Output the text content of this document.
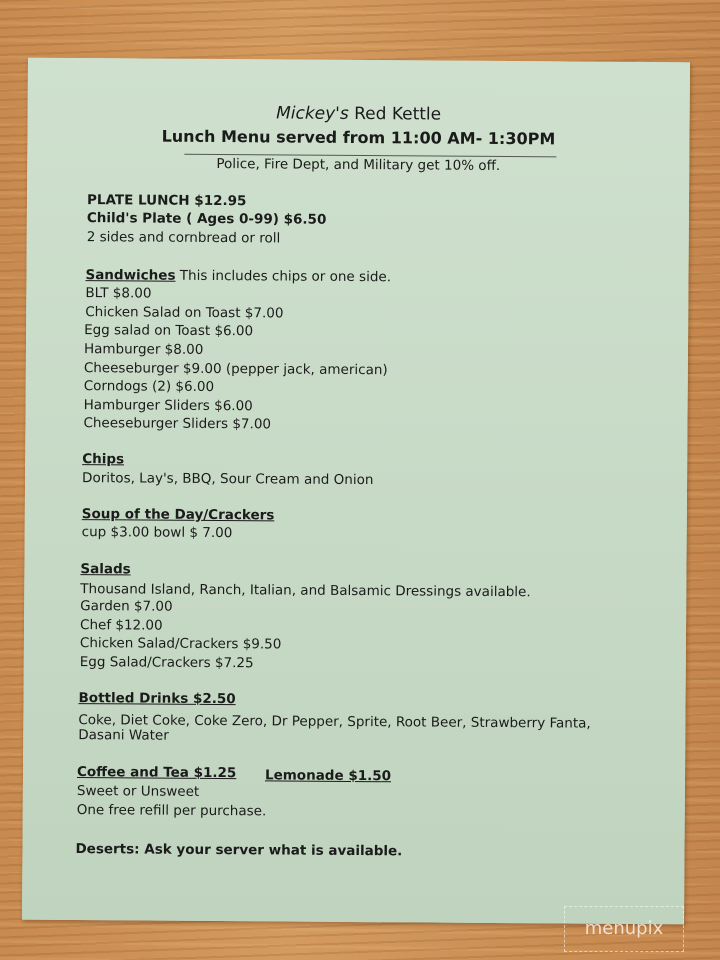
Mickey's Red Kettle
Lunch Menu served from 11:00 AM- 1:30PM
Police, Fire Dept, and Military get 10% off.
PLATE LUNCH $12.95
Child's Plate ( Ages 0-99) $6.50
2 sides and cornbread or roll
Sandwiches This includes chips or one side.
BLT $8.00
Chicken Salad on Toast $7.00
Egg salad on Toast $6.00
Hamburger $8.00
Cheeseburger $9.00 (pepper jack, american)
Corndogs (2) $6.00
Hamburger Sliders $6.00
Cheeseburger Sliders $7.00
Chips
Doritos, Lay's, BBQ, Sour Cream and Onion
Soup of the Day/Crackers
cup $3.00 bowl $ 7.00
Salads
Thousand Island, Ranch, Italian, and Balsamic Dressings available.
Garden $7.00
Chef $12.00
Chicken Salad/Crackers $9.50
Egg Salad/Crackers $7.25
Bottled Drinks $2.50
Coke, Diet Coke, Coke Zero, Dr Pepper, Sprite, Root Beer, Strawberry Fanta,
Dasani Water
Coffee and Tea $1.25 Lemonade $1.50
Sweet or Unsweet
One free refill per purchase.
Deserts: Ask your server what is available.
menupix
